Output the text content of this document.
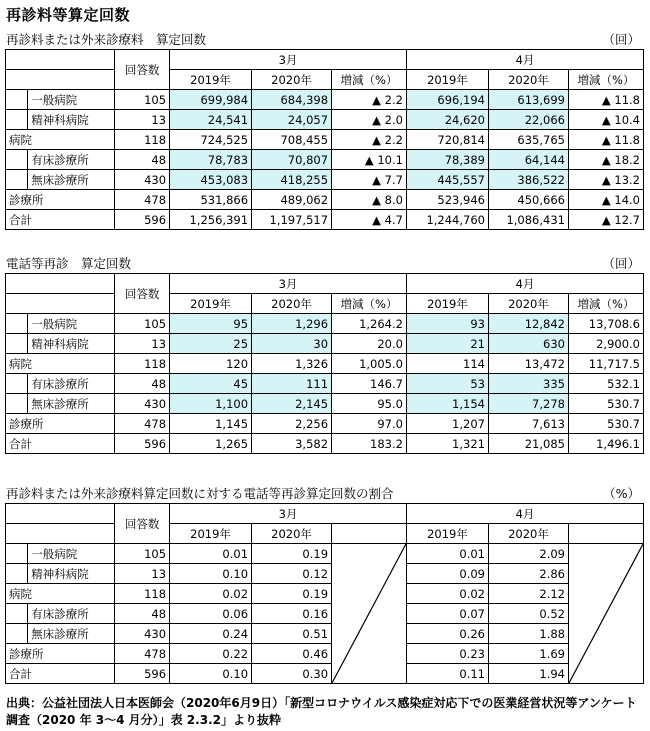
再診料等算定回数
再診料または外来診療料　算定回数	（回）
		回答数	3月			4月		
			2019年	2020年	増減（%）	2019年	2020年	増減（%）
	一般病院	105	699,984	684,398	▲ 2.2	696,194	613,699	▲ 11.8
	精神科病院	13	24,541	24,057	▲ 2.0	24,620	22,066	▲ 10.4
病院		118	724,525	708,455	▲ 2.2	720,814	635,765	▲ 11.8
	有床診療所	48	78,783	70,807	▲ 10.1	78,389	64,144	▲ 18.2
	無床診療所	430	453,083	418,255	▲ 7.7	445,557	386,522	▲ 13.2
診療所		478	531,866	489,062	▲ 8.0	523,946	450,666	▲ 14.0
合計		596	1,256,391	1,197,517	▲ 4.7	1,244,760	1,086,431	▲ 12.7
電話等再診　算定回数	（回）
		回答数	3月			4月		
			2019年	2020年	増減（%）	2019年	2020年	増減（%）
	一般病院	105	95	1,296	1,264.2	93	12,842	13,708.6
	精神科病院	13	25	30	20.0	21	630	2,900.0
病院		118	120	1,326	1,005.0	114	13,472	11,717.5
	有床診療所	48	45	111	146.7	53	335	532.1
	無床診療所	430	1,100	2,145	95.0	1,154	7,278	530.7
診療所		478	1,145	2,256	97.0	1,207	7,613	530.7
合計		596	1,265	3,582	183.2	1,321	21,085	1,496.1
再診料または外来診療料算定回数に対する電話等再診算定回数の割合	（%）
		回答数	3月			4月		
			2019年	2020年		2019年	2020年	
	一般病院	105	0.01	0.19		0.01	2.09	

	精神科病院	13	0.10	0.12		0.09	2.86	
病院		118	0.02	0.19		0.02	2.12	
	有床診療所	48	0.06	0.16		0.07	0.52	
	無床診療所	430	0.24	0.51		0.26	1.88	
診療所		478	0.22	0.46		0.23	1.69	
合計		596	0.10	0.30		0.11	1.94	
出典：公益社団法人日本医師会（2020年6月9日）「新型コロナウイルス感染症対応下での医業経営状況等アンケート調査（2020 年 3〜4 月分）」表 2.3.2」より抜粋
